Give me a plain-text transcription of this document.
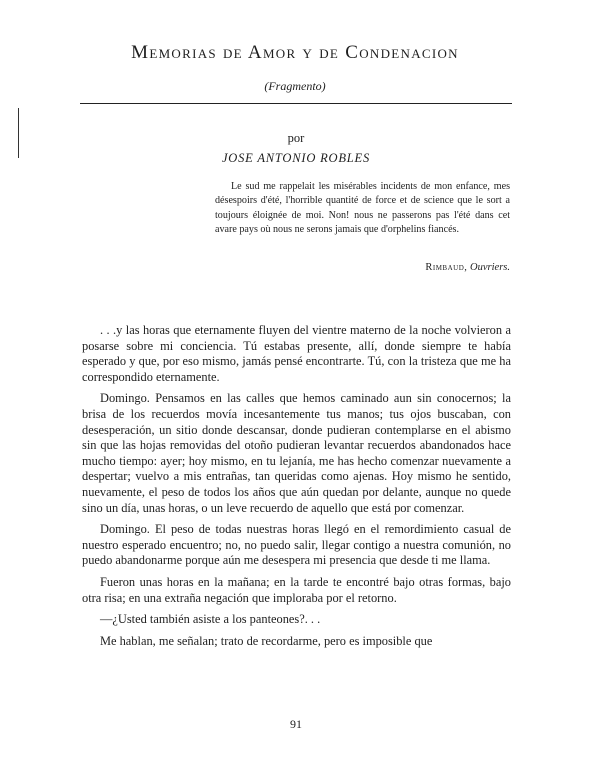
Memorias de Amor y de Condenacion
(Fragmento)
por
JOSE ANTONIO ROBLES

Le sud me rappelait les misérables incidents de mon enfance, mes désespoirs d'été, l'horrible quantité de force et de science que le sort a toujours éloignée de moi. Non! nous ne passerons pas l'été dans cet avare pays où nous ne serons jamais que d'orphelins fiancés.

Rimbaud, Ouvriers.

. . .y las horas que eternamente fluyen del vientre materno de la noche volvieron a posarse sobre mi conciencia. Tú estabas presente, allí, donde siempre te había esperado y que, por eso mismo, jamás pensé encontrarte. Tú, con la tristeza que me ha correspondido eternamente.

Domingo. Pensamos en las calles que hemos caminado aun sin conocernos; la brisa de los recuerdos movía incesantemente tus manos; tus ojos buscaban, con desesperación, un sitio donde descansar, donde pudieran contemplarse en el abismo sin que las hojas removidas del otoño pudieran levantar recuerdos abandonados hace mucho tiempo: ayer; hoy mismo, en tu lejanía, me has hecho comenzar nuevamente a despertar; vuelvo a mis entrañas, tan queridas como ajenas. Hoy mismo he sentido, nuevamente, el peso de todos los años que aún quedan por delante, aunque no quede sino un día, unas horas, o un leve recuerdo de aquello que está por comenzar.

Domingo. El peso de todas nuestras horas llegó en el remordimiento casual de nuestro esperado encuentro; no, no puedo salir, llegar contigo a nuestra comunión, no puedo abandonarme porque aún me desespera mi presencia que desde ti me llama.

Fueron unas horas en la mañana; en la tarde te encontré bajo otras formas, bajo otra risa; en una extraña negación que imploraba por el retorno.

—¿Usted también asiste a los panteones?. . .

Me hablan, me señalan; trato de recordarme, pero es imposible que

91
